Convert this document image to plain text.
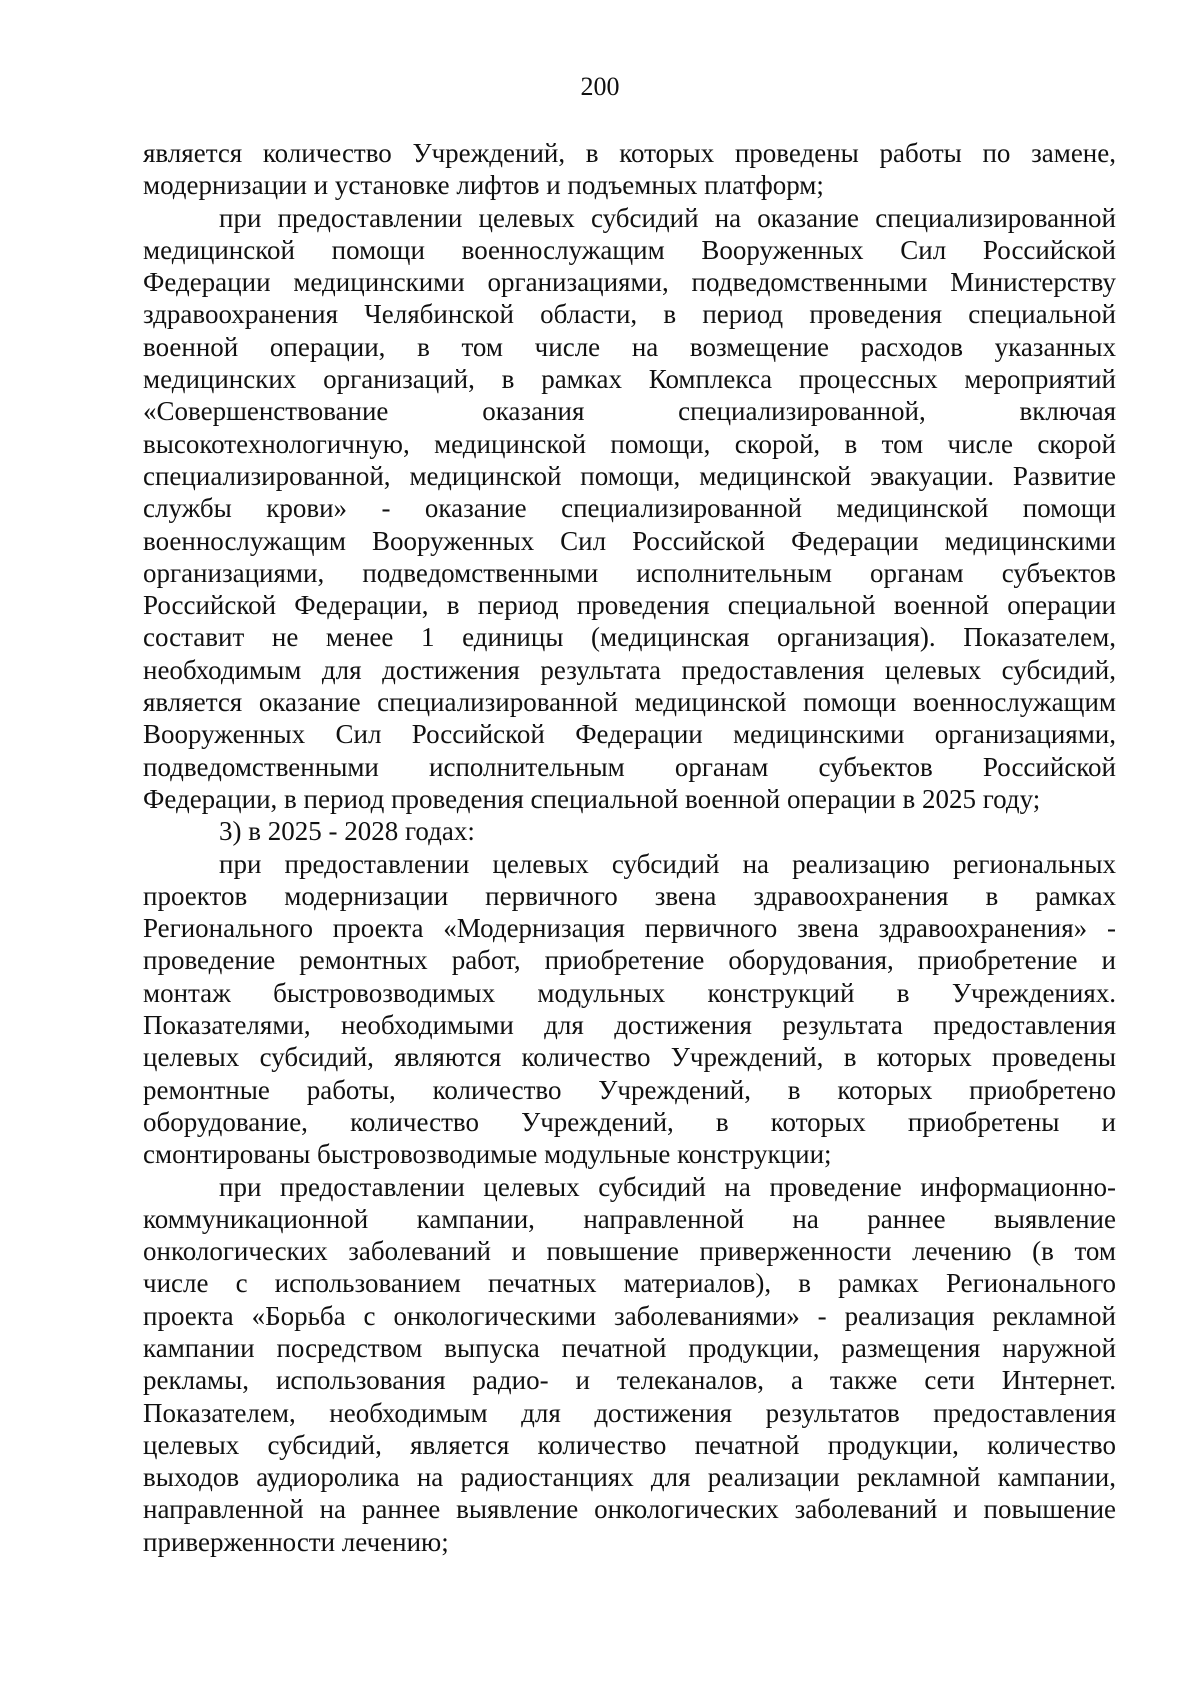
200
является количество Учреждений, в которых проведены работы по замене,
модернизации и установке лифтов и подъемных платформ;
при предоставлении целевых субсидий на оказание специализированной
медицинской помощи военнослужащим Вооруженных Сил Российской
Федерации медицинскими организациями, подведомственными Министерству
здравоохранения Челябинской области, в период проведения специальной
военной операции, в том числе на возмещение расходов указанных
медицинских организаций, в рамках Комплекса процессных мероприятий
«Совершенствование оказания специализированной, включая
высокотехнологичную, медицинской помощи, скорой, в том числе скорой
специализированной, медицинской помощи, медицинской эвакуации. Развитие
службы крови» - оказание специализированной медицинской помощи
военнослужащим Вооруженных Сил Российской Федерации медицинскими
организациями, подведомственными исполнительным органам субъектов
Российской Федерации, в период проведения специальной военной операции
составит не менее 1 единицы (медицинская организация). Показателем,
необходимым для достижения результата предоставления целевых субсидий,
является оказание специализированной медицинской помощи военнослужащим
Вооруженных Сил Российской Федерации медицинскими организациями,
подведомственными исполнительным органам субъектов Российской
Федерации, в период проведения специальной военной операции в 2025 году;
3) в 2025 - 2028 годах:
при предоставлении целевых субсидий на реализацию региональных
проектов модернизации первичного звена здравоохранения в рамках
Регионального проекта «Модернизация первичного звена здравоохранения» -
проведение ремонтных работ, приобретение оборудования, приобретение и
монтаж быстровозводимых модульных конструкций в Учреждениях.
Показателями, необходимыми для достижения результата предоставления
целевых субсидий, являются количество Учреждений, в которых проведены
ремонтные работы, количество Учреждений, в которых приобретено
оборудование, количество Учреждений, в которых приобретены и
смонтированы быстровозводимые модульные конструкции;
при предоставлении целевых субсидий на проведение информационно-
коммуникационной кампании, направленной на раннее выявление
онкологических заболеваний и повышение приверженности лечению (в том
числе с использованием печатных материалов), в рамках Регионального
проекта «Борьба с онкологическими заболеваниями» - реализация рекламной
кампании посредством выпуска печатной продукции, размещения наружной
рекламы, использования радио- и телеканалов, а также сети Интернет.
Показателем, необходимым для достижения результатов предоставления
целевых субсидий, является количество печатной продукции, количество
выходов аудиоролика на радиостанциях для реализации рекламной кампании,
направленной на раннее выявление онкологических заболеваний и повышение
приверженности лечению;
